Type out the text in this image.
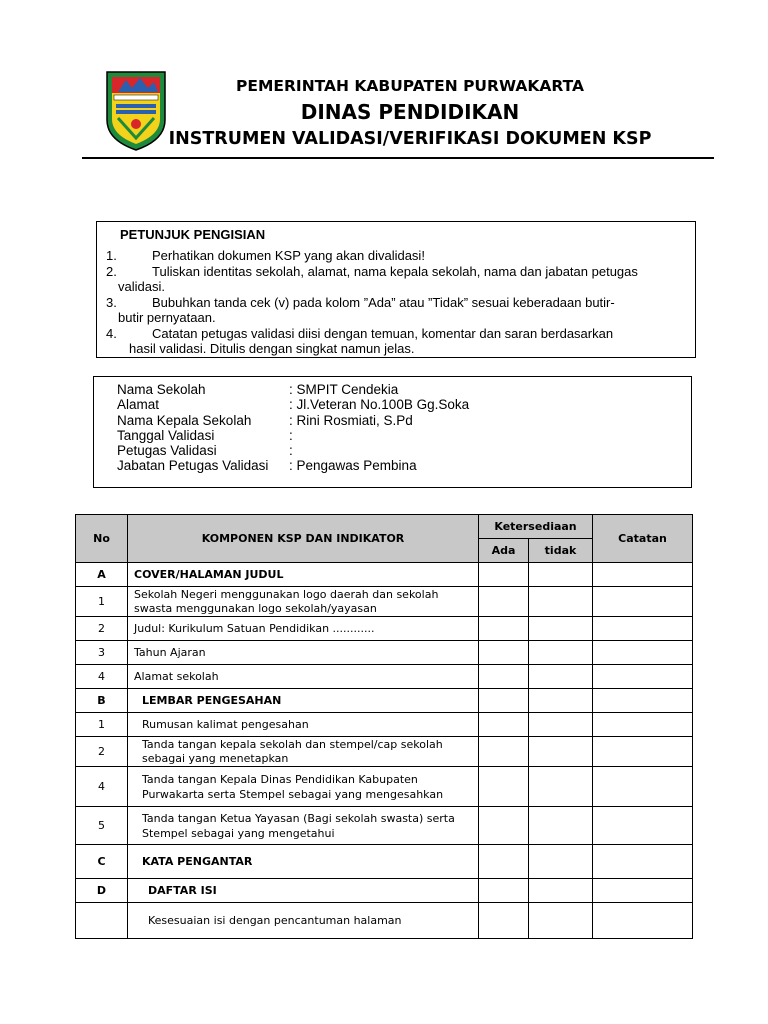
PEMERINTAH KABUPATEN PURWAKARTA
DINAS PENDIDIKAN
INSTRUMEN VALIDASI/VERIFIKASI DOKUMEN KSP
PETUNJUK PENGISIAN
1.	Perhatikan dokumen KSP yang akan divalidasi!
2.	Tuliskan identitas sekolah, alamat, nama kepala sekolah, nama dan jabatan petugas
validasi.
3.	Bubuhkan tanda cek (v) pada kolom ”Ada” atau ”Tidak” sesuai keberadaan butir-
butir pernyataan.
4.	Catatan petugas validasi diisi dengan temuan, komentar dan saran berdasarkan
hasil validasi. Ditulis dengan singkat namun jelas.
Nama Sekolah	: SMPIT Cendekia
Alamat	: Jl.Veteran No.100B Gg.Soka
Nama Kepala Sekolah	: Rini Rosmiati, S.Pd
Tanggal Validasi	:
Petugas Validasi	:
Jabatan Petugas Validasi : Pengawas Pembina
No	KOMPONEN KSP DAN INDIKATOR	Ketersediaan		Catatan
		Ada	tidak	
A	COVER/HALAMAN JUDUL			
1	Sekolah Negeri menggunakan logo daerah dan sekolah
swasta menggunakan logo sekolah/yayasan			

2	Judul: Kurikulum Satuan Pendidikan ............			
3	Tahun Ajaran			
4	Alamat sekolah			
B	LEMBAR PENGESAHAN			
1	Rumusan kalimat pengesahan			
2	Tanda tangan kepala sekolah dan stempel/cap sekolah
sebagai yang menetapkan			

4	Tanda tangan Kepala Dinas Pendidikan Kabupaten
Purwakarta serta Stempel sebagai yang mengesahkan			

5	Tanda tangan Ketua Yayasan (Bagi sekolah swasta) serta
Stempel sebagai yang mengetahui			

C	KATA PENGANTAR			
D	DAFTAR ISI			
	Kesesuaian isi dengan pencantuman halaman			
